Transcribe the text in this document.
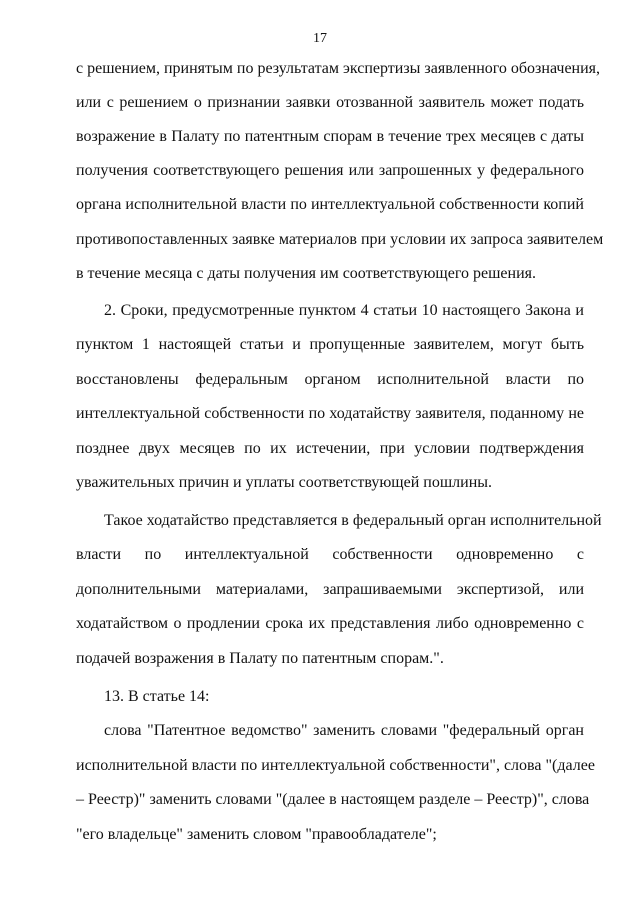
17
с решением, принятым по результатам экспертизы заявленного обозначения,
или с решением о признании заявки отозванной заявитель может подать
возражение в Палату по патентным спорам в течение трех месяцев с даты
получения соответствующего решения или запрошенных у федерального
органа исполнительной власти по интеллектуальной собственности копий
противопоставленных заявке материалов при условии их запроса заявителем
в течение месяца с даты получения им соответствующего решения.
2. Сроки, предусмотренные пунктом 4 статьи 10 настоящего Закона и
пунктом 1 настоящей статьи и пропущенные заявителем, могут быть
восстановлены федеральным органом исполнительной власти по
интеллектуальной собственности по ходатайству заявителя, поданному не
позднее двух месяцев по их истечении, при условии подтверждения
уважительных причин и уплаты соответствующей пошлины.
Такое ходатайство представляется в федеральный орган исполнительной
власти по интеллектуальной собственности одновременно с
дополнительными материалами, запрашиваемыми экспертизой, или
ходатайством о продлении срока их представления либо одновременно с
подачей возражения в Палату по патентным спорам.".
13. В статье 14:
слова "Патентное ведомство" заменить словами "федеральный орган
исполнительной власти по интеллектуальной собственности", слова "(далее
– Реестр)" заменить словами "(далее в настоящем разделе – Реестр)", слова
"его владельце" заменить словом "правообладателе";
